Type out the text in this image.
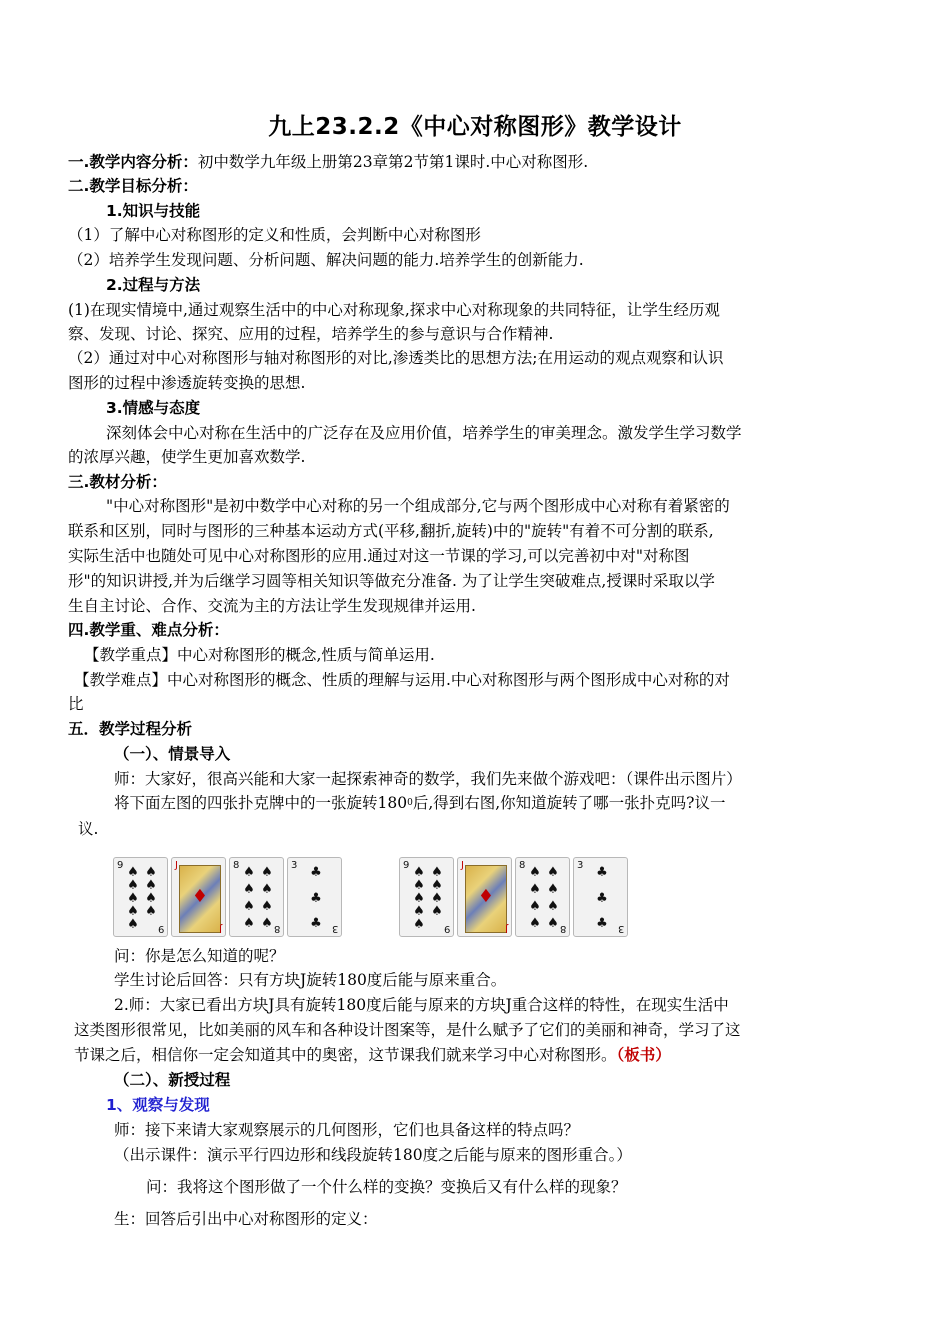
九上23.2.2《中心对称图形》教学设计
一.教学内容分析：初中数学九年级上册第23章第2节第1课时.中心对称图形.
二.教学目标分析：
1.知识与技能
（1）了解中心对称图形的定义和性质，会判断中心对称图形
（2）培养学生发现问题、分析问题、解决问题的能力.培养学生的创新能力.
2.过程与方法
(1)在现实情境中,通过观察生活中的中心对称现象,探求中心对称现象的共同特征，让学生经历观
察、发现、讨论、探究、应用的过程，培养学生的参与意识与合作精神.
（2）通过对中心对称图形与轴对称图形的对比,渗透类比的思想方法;在用运动的观点观察和认识
图形的过程中渗透旋转变换的思想.
3.情感与态度
深刻体会中心对称在生活中的广泛存在及应用价值，培养学生的审美理念。激发学生学习数学
的浓厚兴趣，使学生更加喜欢数学.
三.教材分析：
"中心对称图形"是初中数学中心对称的另一个组成部分,它与两个图形成中心对称有着紧密的
联系和区别，同时与图形的三种基本运动方式(平移,翻折,旋转)中的"旋转"有着不可分割的联系,
实际生活中也随处可见中心对称图形的应用.通过对这一节课的学习,可以完善初中对"对称图
形"的知识讲授,并为后继学习圆等相关知识等做充分准备. 为了让学生突破难点,授课时采取以学
生自主讨论、合作、交流为主的方法让学生发现规律并运用.
四.教学重、难点分析：
【教学重点】中心对称图形的概念,性质与简单运用.
【教学难点】中心对称图形的概念、性质的理解与运用.中心对称图形与两个图形成中心对称的对
比
五．教学过程分析
（一）、情景导入
师：大家好，很高兴能和大家一起探索神奇的数学，我们先来做个游戏吧：（课件出示图片）
将下面左图的四张扑克牌中的一张旋转$180^0$后,得到右图,你知道旋转了哪一张扑克吗?议一
议.
9 ♠ ♠
♠ ♠
♠ ♠
♠ ♠
♠	9
J
♦
J
8 ♠ ♠
♠ ♠
♠ ♠
♠ ♠ 8
3 ♣
♣
♣ 3
9 ♠ ♠
♠ ♠
♠ ♠
♠ ♠
♠	9
J
♦
J
8 ♠ ♠
♠ ♠
♠ ♠
♠ ♠ 8
3 ♣
♣
♣ 3
问：你是怎么知道的呢？
学生讨论后回答：只有方块J旋转180度后能与原来重合。
2.师：大家已看出方块J具有旋转180度后能与原来的方块J重合这样的特性，在现实生活中
这类图形很常见，比如美丽的风车和各种设计图案等，是什么赋予了它们的美丽和神奇，学习了这
节课之后，相信你一定会知道其中的奥密，这节课我们就来学习中心对称图形。（板书）
（二）、新授过程
1、观察与发现
师：接下来请大家观察展示的几何图形，它们也具备这样的特点吗？
（出示课件：演示平行四边形和线段旋转180度之后能与原来的图形重合。）
问：我将这个图形做了一个什么样的变换？变换后又有什么样的现象？
生：回答后引出中心对称图形的定义：
